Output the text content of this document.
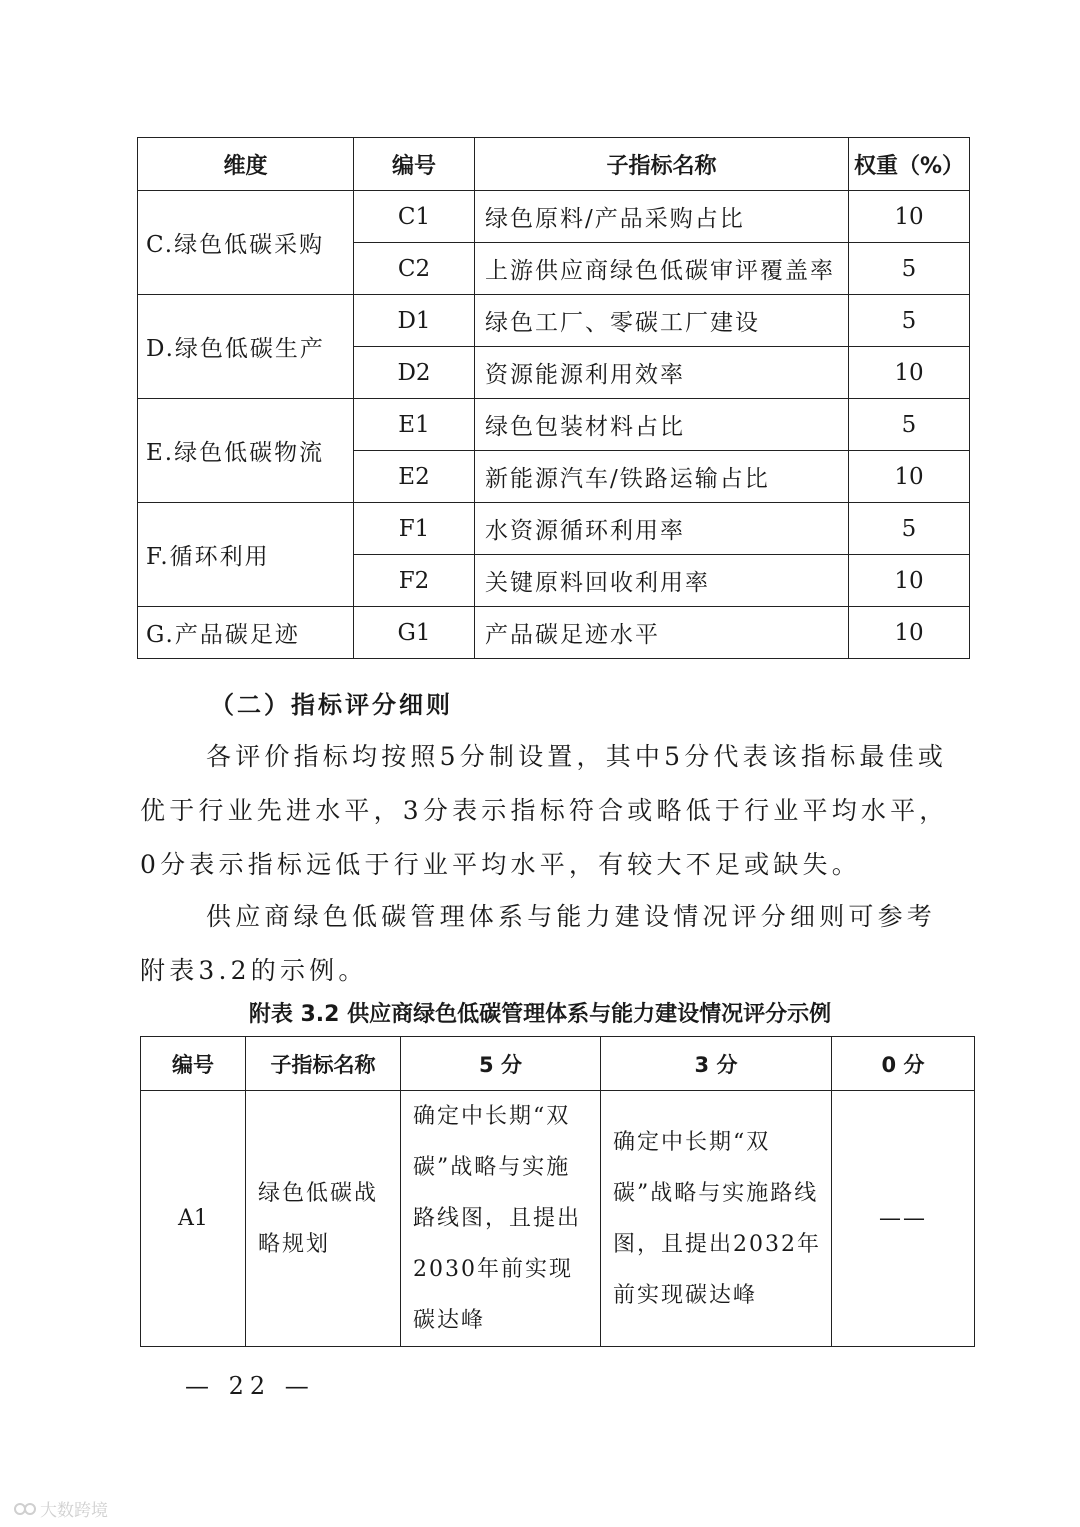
维度	编号	子指标名称	权重（%）
C.绿色低碳采购	C1	绿色原料/产品采购占比	10
	C2	上游供应商绿色低碳审评覆盖率	5
D.绿色低碳生产	D1	绿色工厂、零碳工厂建设	5
	D2	资源能源利用效率	10
E.绿色低碳物流	E1	绿色包装材料占比	5
	E2	新能源汽车/铁路运输占比	10
F.循环利用	F1	水资源循环利用率	5
	F2	关键原料回收利用率	10
G.产品碳足迹	G1	产品碳足迹水平	10
（二）指标评分细则

各评价指标均按照5分制设置，其中5分代表该指标最佳或优于行业先进水平，3分表示指标符合或略低于行业平均水平，0分表示指标远低于行业平均水平，有较大不足或缺失。

供应商绿色低碳管理体系与能力建设情况评分细则可参考附表3.2的示例。

附表 3.2 供应商绿色低碳管理体系与能力建设情况评分示例
编号	子指标名称	5 分	3 分	0 分
A1	绿色低碳战略规划	确定中长期“双碳”战略与实施路线图，且提出2030年前实现碳达峰	确定中长期“双碳”战略与实施路线图，且提出2032年前实现碳达峰	——
— 22 —
大数跨境
